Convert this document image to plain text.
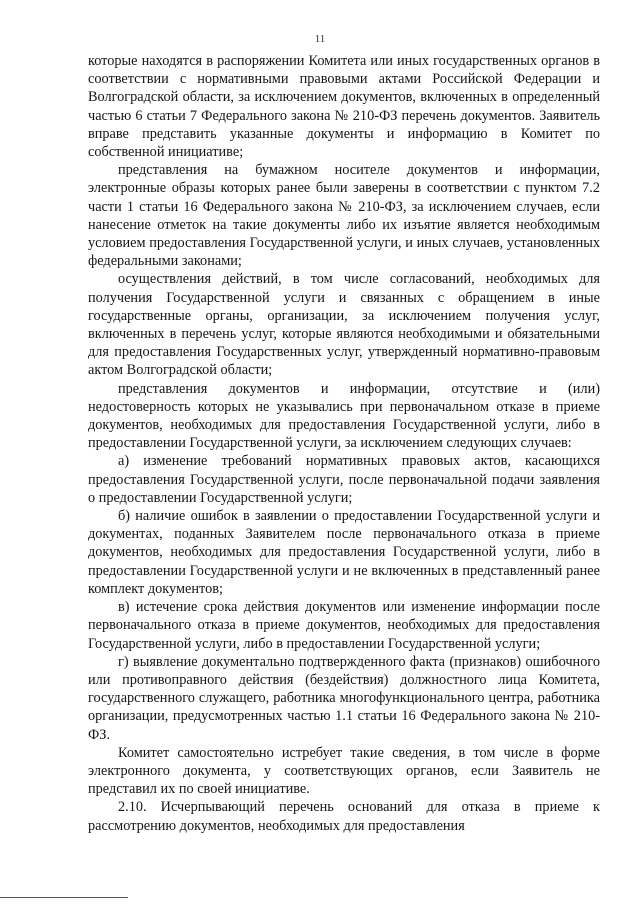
11

которые находятся в распоряжении Комитета или иных государственных органов в соответствии с нормативными правовыми актами Российской Федерации и Волгоградской области, за исключением документов, включенных в определенный частью 6 статьи 7 Федерального закона № 210-ФЗ перечень документов. Заявитель вправе представить указанные документы и информацию в Комитет по собственной инициативе;

представления на бумажном носителе документов и информации, электронные образы которых ранее были заверены в соответствии с пунктом 7.2 части 1 статьи 16 Федерального закона № 210-ФЗ, за исключением случаев, если нанесение отметок на такие документы либо их изъятие является необходимым условием предоставления Государственной услуги, и иных случаев, установленных федеральными законами;

осуществления действий, в том числе согласований, необходимых для получения Государственной услуги и связанных с обращением в иные государственные органы, организации, за исключением получения услуг, включенных в перечень услуг, которые являются необходимыми и обязательными для предоставления Государственных услуг, утвержденный нормативно-правовым актом Волгоградской области;

представления документов и информации, отсутствие и (или) недостоверность которых не указывались при первоначальном отказе в приеме документов, необходимых для предоставления Государственной услуги, либо в предоставлении Государственной услуги, за исключением следующих случаев:

а) изменение требований нормативных правовых актов, касающихся предоставления Государственной услуги, после первоначальной подачи заявления о предоставлении Государственной услуги;

б) наличие ошибок в заявлении о предоставлении Государственной услуги и документах, поданных Заявителем после первоначального отказа в приеме документов, необходимых для предоставления Государственной услуги, либо в предоставлении Государственной услуги и не включенных в представленный ранее комплект документов;

в) истечение срока действия документов или изменение информации после первоначального отказа в приеме документов, необходимых для предоставления Государственной услуги, либо в предоставлении Государственной услуги;

г) выявление документально подтвержденного факта (признаков) ошибочного или противоправного действия (бездействия) должностного лица Комитета, государственного служащего, работника многофункционального центра, работника организации, предусмотренных частью 1.1 статьи 16 Федерального закона № 210-ФЗ.

Комитет самостоятельно истребует такие сведения, в том числе в форме электронного документа, у соответствующих органов, если Заявитель не представил их по своей инициативе.

2.10. Исчерпывающий перечень оснований для отказа в приеме к рассмотрению документов, необходимых для предоставления
